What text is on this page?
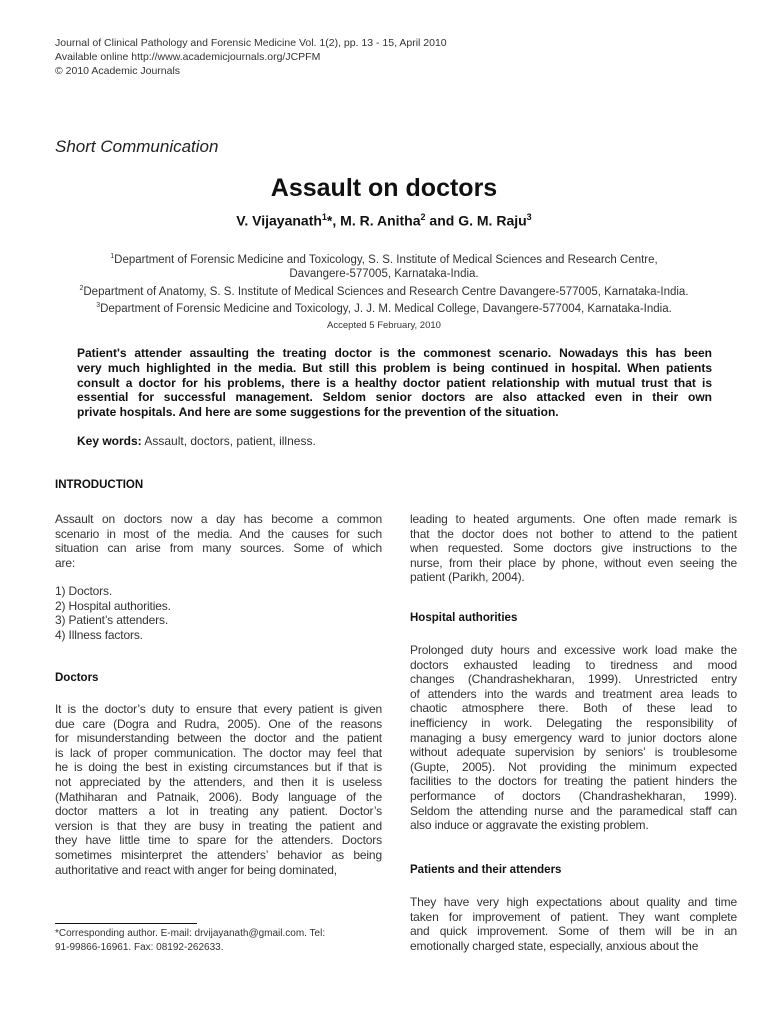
Journal of Clinical Pathology and Forensic Medicine Vol. 1(2), pp. 13 - 15, April 2010
Available online http://www.academicjournals.org/JCPFM
© 2010 Academic Journals
Short Communication
Assault on doctors
V. Vijayanath$^1$*, M. R. Anitha$^2$ and G. M. Raju$^3$
$^1$Department of Forensic Medicine and Toxicology, S. S. Institute of Medical Sciences and Research Centre,
Davangere-577005, Karnataka-India.
$^2$Department of Anatomy, S. S. Institute of Medical Sciences and Research Centre Davangere-577005, Karnataka-India.
$^3$Department of Forensic Medicine and Toxicology, J. J. M. Medical College, Davangere-577004, Karnataka-India.
Accepted 5 February, 2010
Patient's attender assaulting the treating doctor is the commonest scenario. Nowadays this has been
very much highlighted in the media. But still this problem is being continued in hospital. When patients
consult a doctor for his problems, there is a healthy doctor patient relationship with mutual trust that is
essential for successful management. Seldom senior doctors are also attacked even in their own
private hospitals. And here are some suggestions for the prevention of the situation.
Key words: Assault, doctors, patient, illness.
INTRODUCTION
Assault on doctors now a day has become a common
scenario in most of the media. And the causes for such
situation can arise from many sources. Some of which
are:
1) Doctors.
2) Hospital authorities.
3) Patient’s attenders.
4) Illness factors.
Doctors
It is the doctor’s duty to ensure that every patient is given
due care (Dogra and Rudra, 2005). One of the reasons
for misunderstanding between the doctor and the patient
is lack of proper communication. The doctor may feel that
he is doing the best in existing circumstances but if that is
not appreciated by the attenders, and then it is useless
(Mathiharan and Patnaik, 2006). Body language of the
doctor matters a lot in treating any patient. Doctor’s
version is that they are busy in treating the patient and
they have little time to spare for the attenders. Doctors
sometimes misinterpret the attenders’ behavior as being
authoritative and react with anger for being dominated,
*Corresponding author. E-mail: drvijayanath@gmail.com. Tel:
91-99866-16961. Fax: 08192-262633.
leading to heated arguments. One often made remark is
that the doctor does not bother to attend to the patient
when requested. Some doctors give instructions to the
nurse, from their place by phone, without even seeing the
patient (Parikh, 2004).
Hospital authorities
Prolonged duty hours and excessive work load make the
doctors exhausted leading to tiredness and mood
changes (Chandrashekharan, 1999). Unrestricted entry
of attenders into the wards and treatment area leads to
chaotic atmosphere there. Both of these lead to
inefficiency in work. Delegating the responsibility of
managing a busy emergency ward to junior doctors alone
without adequate supervision by seniors’ is troublesome
(Gupte, 2005). Not providing the minimum expected
facilities to the doctors for treating the patient hinders the
performance of doctors (Chandrashekharan, 1999).
Seldom the attending nurse and the paramedical staff can
also induce or aggravate the existing problem.
Patients and their attenders
They have very high expectations about quality and time
taken for improvement of patient. They want complete
and quick improvement. Some of them will be in an
emotionally charged state, especially, anxious about the
